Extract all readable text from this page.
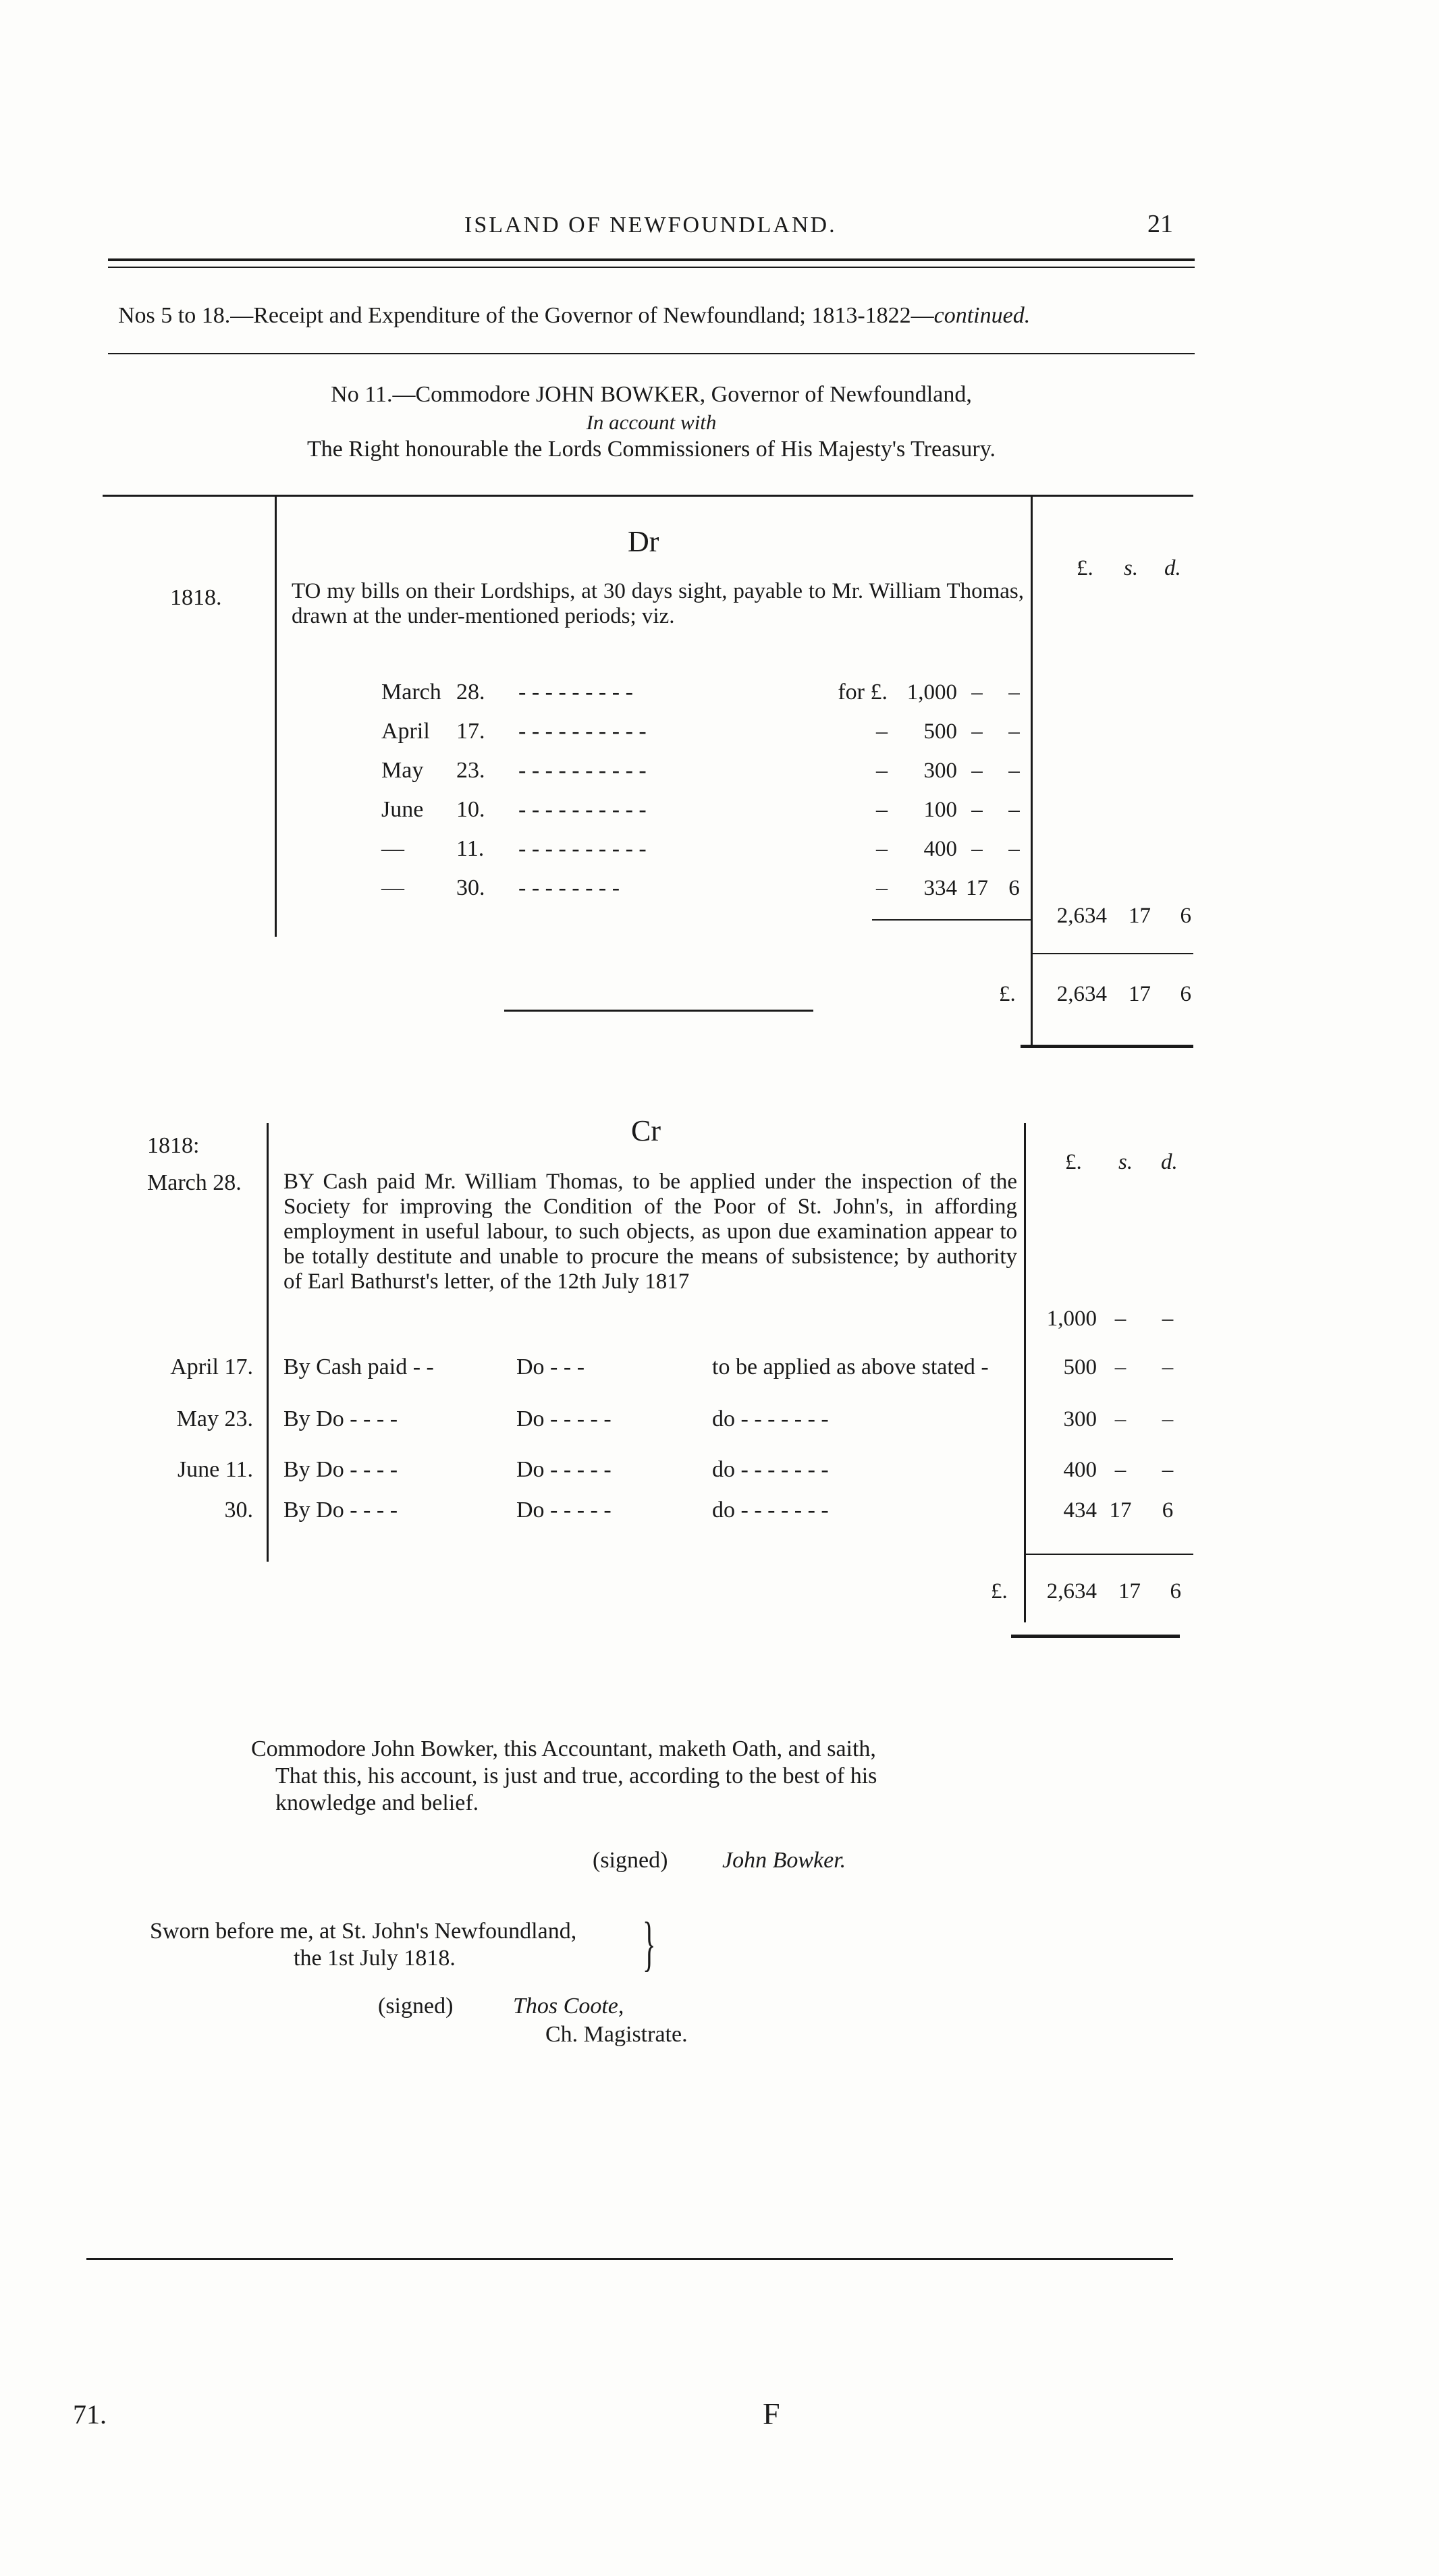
ISLAND OF NEWFOUNDLAND.	21
Nos 5 to 18.—Receipt and Expenditure of the Governor of Newfoundland; 1813-1822—continued.
No 11.—Commodore JOHN BOWKER, Governor of Newfoundland,
In account with
The Right honourable the Lords Commissioners of His Majesty's Treasury.
Dr
£. s. d.
1818.	TO my bills on their Lordships, at 30 days sight, payable to Mr. William Thomas, drawn at the under-mentioned periods; viz.
March 28.	- - - - - - - - -	for £. 1,000 –	–
April	17.	- - - - - - - - - -	–	500 –	–
May	23.	- - - - - - - - - -	–	300 –	–
June	10.	- - - - - - - - - -	–	100 –	–
—	11.	- - - - - - - - - -	–	400 –	–
—	30.	- - - - - - - -	–	334 17 6
2,634 17	6
£.	2,634 17	6
1818:	Cr
£. s. d.
March 28. BY Cash paid Mr. William Thomas, to be applied under the inspection of the Society for improving the Condition of the Poor of St. John's, in affording employment in useful labour, to such objects, as upon due examination appear to be totally destitute and unable to procure the means of subsistence; by authority of Earl Bathurst's letter, of the 12th July 1817
1,000 –	–
April 17. By Cash paid - -	Do - - -	to be applied as above stated -	500 –	–
May 23. By Do - - - -	Do - - - - -	do - - - - - - -	300 –	–
June 11. By Do - - - -	Do - - - - -	do - - - - - - -	400 –	–
30. By Do - - - -	Do - - - - -	do - - - - - - -	434 17	6
£.	2,634 17	6
Commodore John Bowker, this Accountant, maketh Oath, and saith,
That this, his account, is just and true, according to the best of his
knowledge and belief.
(signed) John Bowker.
Sworn before me, at St. John's Newfoundland,
the 1st July 1818.	}
(signed)	Thos Coote,
Ch. Magistrate.
71.	F
